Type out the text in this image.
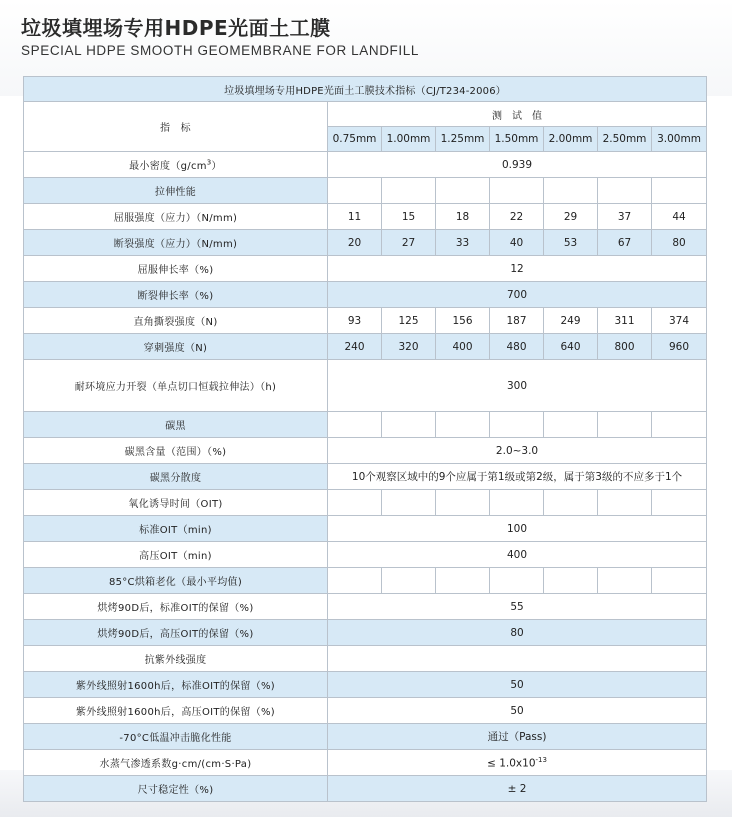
垃圾填埋场专用HDPE光面土工膜
SPECIAL HDPE SMOOTH GEOMEMBRANE FOR LANDFILL
垃圾填埋场专用HDPE光面土工膜技术指标（CJ/T234-2006）							
指　标	测　试　值						
	0.75mm	1.00mm	1.25mm	1.50mm	2.00mm	2.50mm	3.00mm
最小密度$(g/cm^3)$	0.939						
拉伸性能							
屈服强度（应力）（N/mm)	11	15	18	22	29	37	44
断裂强度（应力）（N/mm)	20	27	33	40	53	67	80
屈服伸长率（%)	12						
断裂伸长率（%)	700						
直角撕裂强度（N)	93	125	156	187	249	311	374
穿刺强度（N)	240	320	400	480	640	800	960
耐环境应力开裂（单点切口恒载拉伸法）（h)	300						
碳黑							
碳黑含量（范围）（%)	2.0~3.0						
碳黑分散度	10个观察区域中的9个应属于第1级或第2级，属于第3级的不应多于1个						
氧化诱导时间（OIT)							
标准OIT（min)	100						
高压OIT（min)	400						
85°C烘箱老化（最小平均值)							
烘烤90D后，标准OIT的保留（%)	55						
烘烤90D后，高压OIT的保留（%)	80						
抗紫外线强度							
紫外线照射1600h后，标准OIT的保留（%)	50						
紫外线照射1600h后，高压OIT的保留（%)	50						
-70°C低温冲击脆化性能	通过（Pass)						
水蒸气渗透系数g·cm/(cm·S·Pa)	≤ $1.0x10^{-13}$
尺寸稳定性（%)	± 2						
